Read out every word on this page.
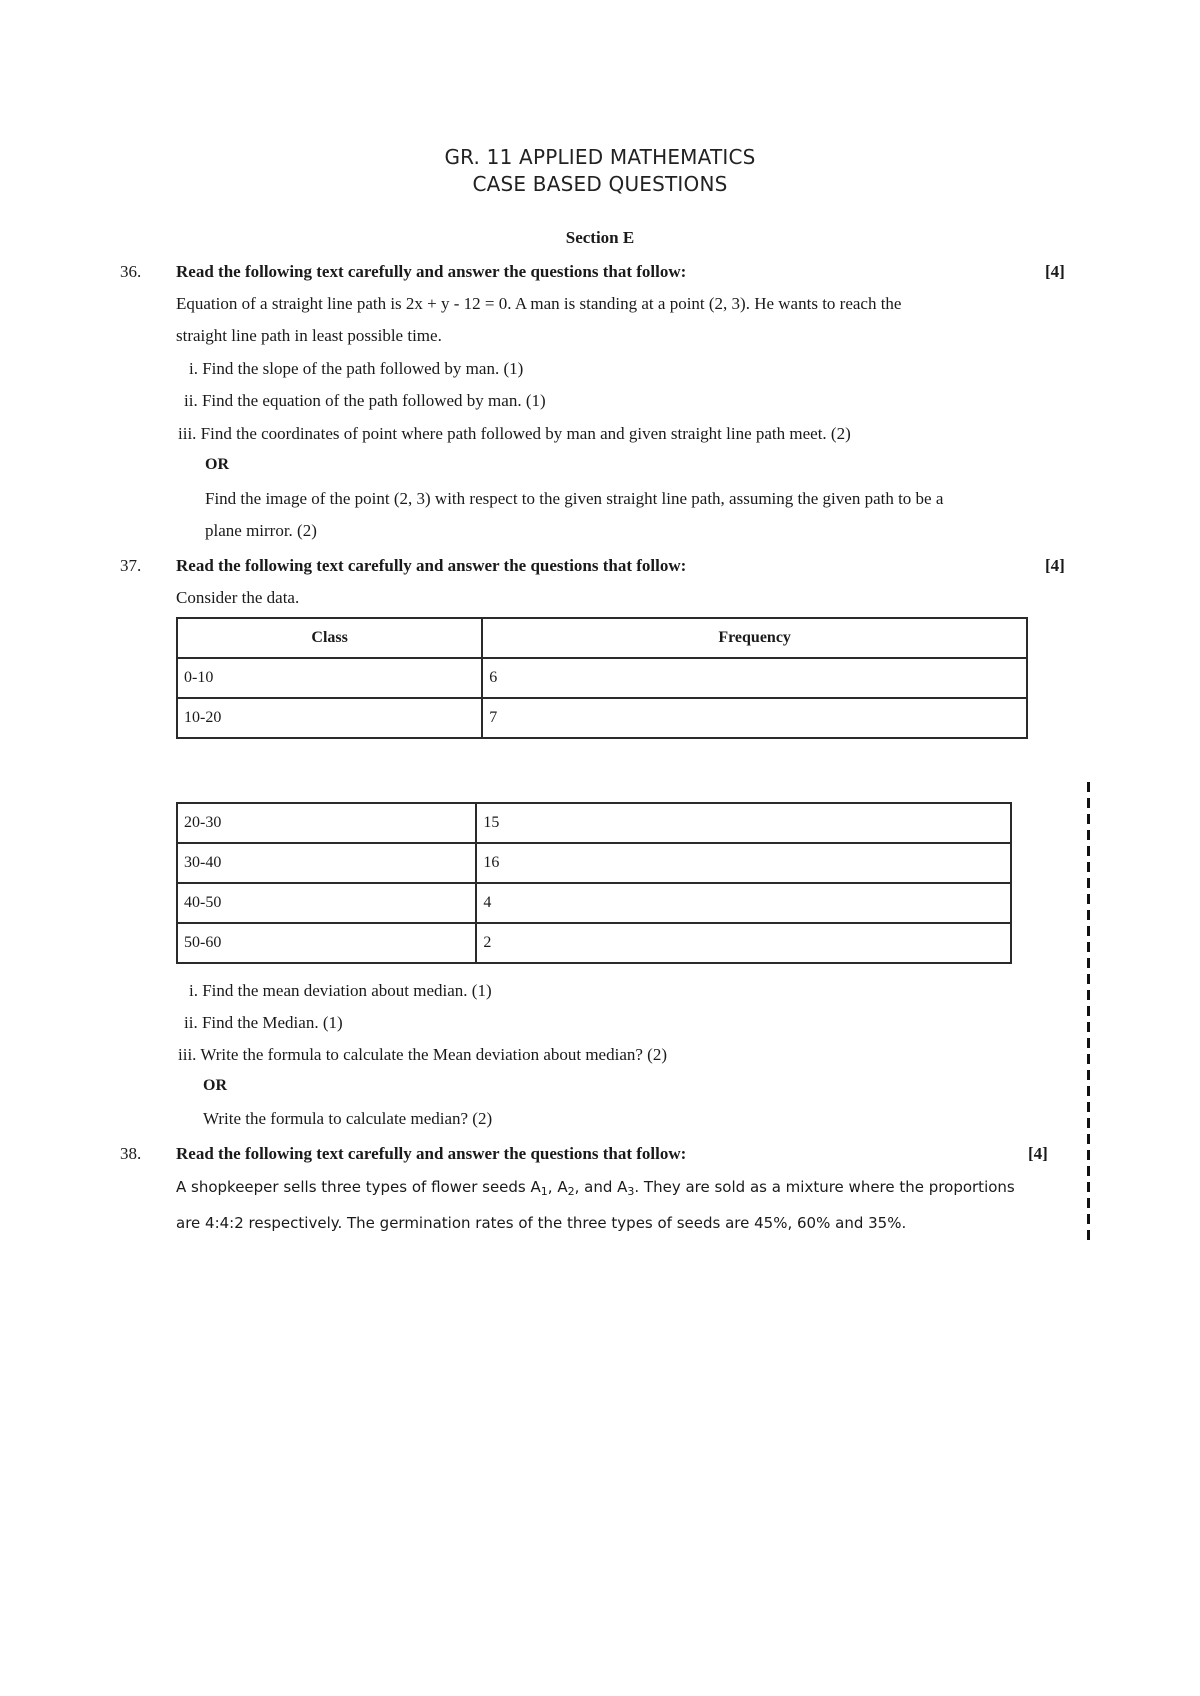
GR. 11 APPLIED MATHEMATICS
CASE BASED QUESTIONS
Section E
36. Read the following text carefully and answer the questions that follow:	[4]
Equation of a straight line path is 2x + y - 12 = 0. A man is standing at a point (2, 3). He wants to reach the
straight line path in least possible time.
i. Find the slope of the path followed by man. (1)
ii. Find the equation of the path followed by man. (1)
iii. Find the coordinates of point where path followed by man and given straight line path meet. (2)
OR
Find the image of the point (2, 3) with respect to the given straight line path, assuming the given path to be a
plane mirror. (2)
37. Read the following text carefully and answer the questions that follow:	[4]
Consider the data.
Class	Frequency
0-10	6
10-20	7
20-30	15
30-40	16
40-50	4
50-60	2
i. Find the mean deviation about median. (1)
ii. Find the Median. (1)
iii. Write the formula to calculate the Mean deviation about median? (2)
OR
Write the formula to calculate median? (2)
38. Read the following text carefully and answer the questions that follow:	[4]
A shopkeeper sells three types of flower seeds $A_1$, $A_2$, and $A_3$. They are sold as a mixture where the proportions
are 4:4:2 respectively. The germination rates of the three types of seeds are 45%, 60% and 35%.
